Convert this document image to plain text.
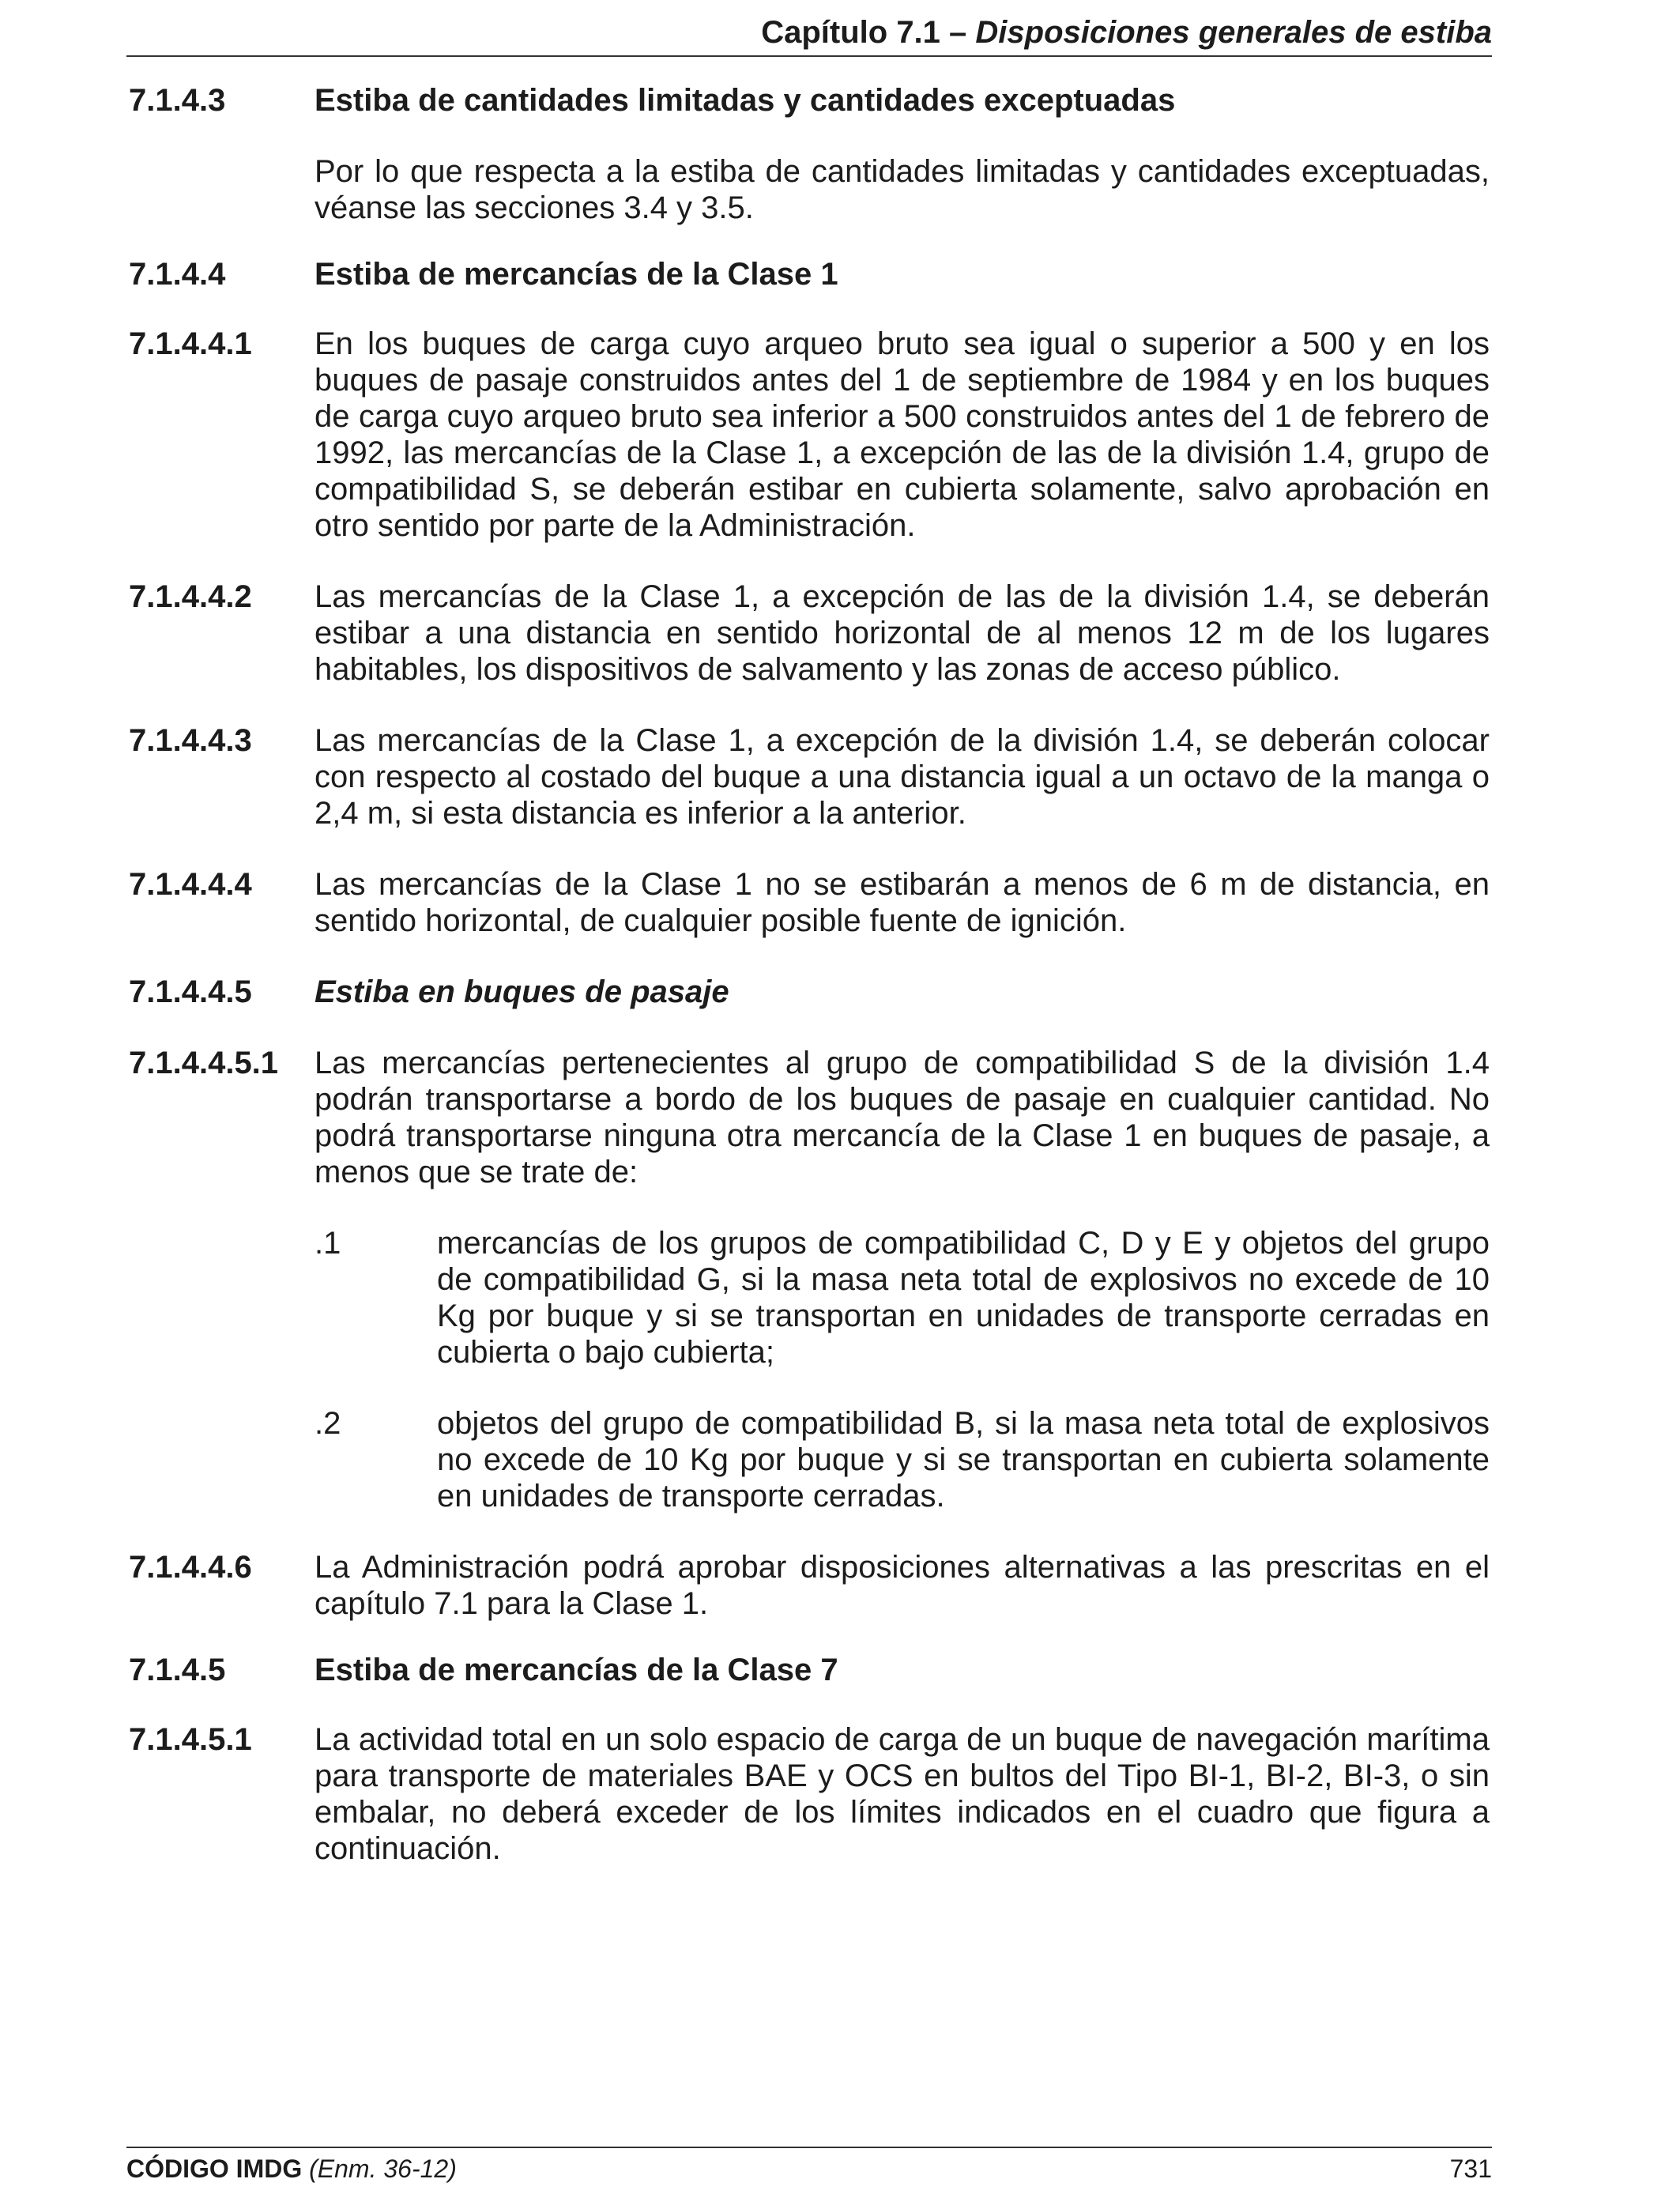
Capítulo 7.1 – Disposiciones generales de estiba
7.1.4.3	Estiba de cantidades limitadas y cantidades exceptuadas
Por lo que respecta a la estiba de cantidades limitadas y cantidades exceptuadas, véanse las secciones 3.4 y 3.5.
7.1.4.4	Estiba de mercancías de la Clase 1
7.1.4.4.1	En los buques de carga cuyo arqueo bruto sea igual o superior a 500 y en los buques de pasaje construidos antes del 1 de septiembre de 1984 y en los buques de carga cuyo arqueo bruto sea inferior a 500 construidos antes del 1 de febrero de 1992, las mercancías de la Clase 1, a excepción de las de la división 1.4, grupo de compatibilidad S, se deberán estibar en cubierta solamente, salvo aprobación en otro sentido por parte de la Administración.
7.1.4.4.2	Las mercancías de la Clase 1, a excepción de las de la división 1.4, se deberán estibar a una distancia en sentido horizontal de al menos 12 m de los lugares habitables, los dispositivos de salvamento y las zonas de acceso público.
7.1.4.4.3	Las mercancías de la Clase 1, a excepción de la división 1.4, se deberán colocar con respecto al costado del buque a una distancia igual a un octavo de la manga o 2,4 m, si esta distancia es inferior a la anterior.
7.1.4.4.4	Las mercancías de la Clase 1 no se estibarán a menos de 6 m de distancia, en sentido horizontal, de cualquier posible fuente de ignición.
7.1.4.4.5	Estiba en buques de pasaje
7.1.4.4.5.1	Las mercancías pertenecientes al grupo de compatibilidad S de la división 1.4 podrán transportarse a bordo de los buques de pasaje en cualquier cantidad. No podrá transportarse ninguna otra mercancía de la Clase 1 en buques de pasaje, a menos que se trate de:
.1	mercancías de los grupos de compatibilidad C, D y E y objetos del grupo de compatibilidad G, si la masa neta total de explosivos no excede de 10 Kg por buque y si se transportan en unidades de transporte cerradas en cubierta o bajo cubierta;
.2	objetos del grupo de compatibilidad B, si la masa neta total de explosivos no excede de 10 Kg por buque y si se transportan en cubierta solamente en unidades de transporte cerradas.
7.1.4.4.6	La Administración podrá aprobar disposiciones alternativas a las prescritas en el capítulo 7.1 para la Clase 1.
7.1.4.5	Estiba de mercancías de la Clase 7
7.1.4.5.1	La actividad total en un solo espacio de carga de un buque de navegación marítima para transporte de materiales BAE y OCS en bultos del Tipo BI-1, BI-2, BI-3, o sin embalar, no deberá exceder de los límites indicados en el cuadro que figura a continuación.
CÓDIGO IMDG (Enm. 36-12)	731
